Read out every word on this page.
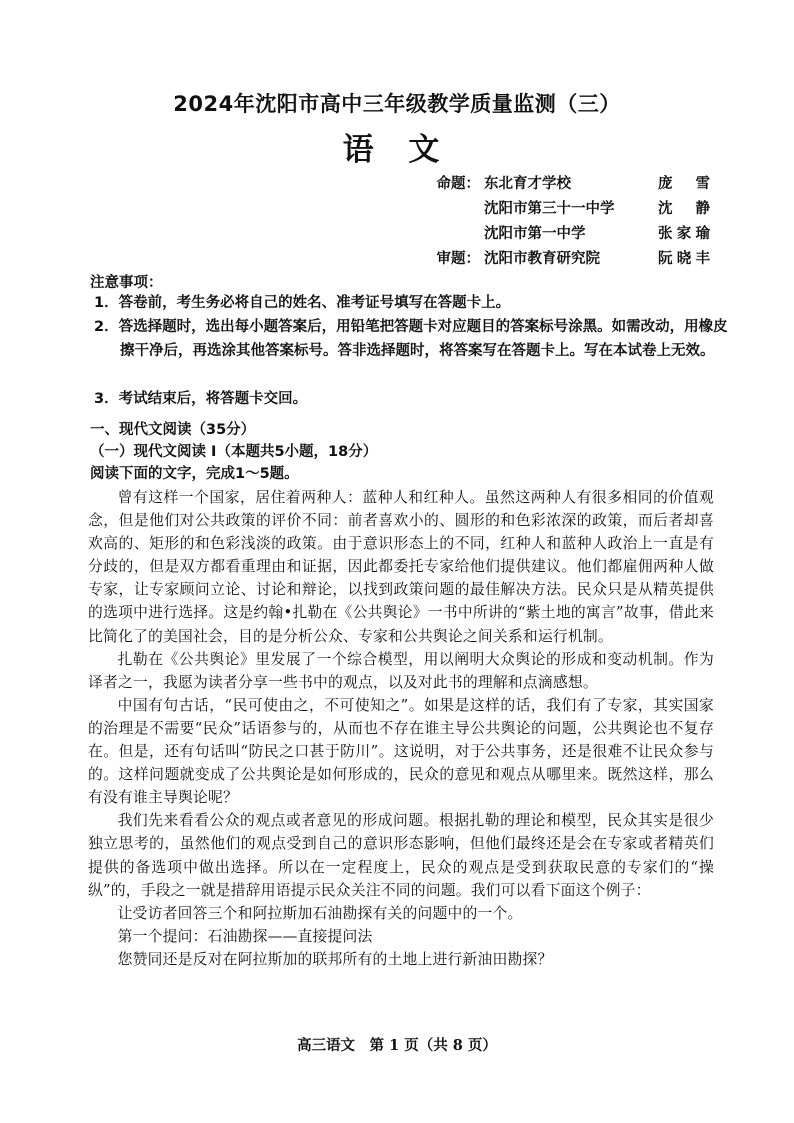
2024年沈阳市高中三年级教学质量监测（三）
语 文
命题： 东北育才学校	庞雪
沈阳市第三十一中学	沈静
沈阳市第一中学	张家瑜
审题： 沈阳市教育研究院	阮晓丰
注意事项：
1．答卷前，考生务必将自己的姓名、准考证号填写在答题卡上。
2．答选择题时，选出每小题答案后，用铅笔把答题卡对应题目的答案标号涂黑。如需改动，用橡皮擦干净后，再选涂其他答案标号。答非选择题时，将答案写在答题卡上。写在本试卷上无效。
3．考试结束后，将答题卡交回。
一、现代文阅读（35分）
（一）现代文阅读 I（本题共5小题，18分）
阅读下面的文字，完成1～5题。

曾有这样一个国家，居住着两种人：蓝种人和红种人。虽然这两种人有很多相同的价值观念，但是他们对公共政策的评价不同：前者喜欢小的、圆形的和色彩浓深的政策，而后者却喜欢高的、矩形的和色彩浅淡的政策。由于意识形态上的不同，红种人和蓝种人政治上一直是有分歧的，但是双方都看重理由和证据，因此都委托专家给他们提供建议。他们都雇佣两种人做专家，让专家顾问立论、讨论和辩论，以找到政策问题的最佳解决方法。民众只是从精英提供的选项中进行选择。这是约翰•扎勒在《公共舆论》一书中所讲的“紫土地的寓言”故事，借此来比简化了的美国社会，目的是分析公众、专家和公共舆论之间关系和运行机制。

扎勒在《公共舆论》里发展了一个综合模型，用以阐明大众舆论的形成和变动机制。作为译者之一，我愿为读者分享一些书中的观点，以及对此书的理解和点滴感想。

中国有句古话，“民可使由之，不可使知之”。如果是这样的话，我们有了专家，其实国家的治理是不需要“民众”话语参与的，从而也不存在谁主导公共舆论的问题，公共舆论也不复存在。但是，还有句话叫“防民之口甚于防川”。这说明，对于公共事务，还是很难不让民众参与的。这样问题就变成了公共舆论是如何形成的，民众的意见和观点从哪里来。既然这样，那么有没有谁主导舆论呢？

我们先来看看公众的观点或者意见的形成问题。根据扎勒的理论和模型，民众其实是很少独立思考的，虽然他们的观点受到自己的意识形态影响，但他们最终还是会在专家或者精英们提供的备选项中做出选择。所以在一定程度上，民众的观点是受到获取民意的专家们的“操纵”的，手段之一就是措辞用语提示民众关注不同的问题。我们可以看下面这个例子：

让受访者回答三个和阿拉斯加石油勘探有关的问题中的一个。

第一个提问：石油勘探——直接提问法

您赞同还是反对在阿拉斯加的联邦所有的土地上进行新油田勘探？

高三语文　第 1 页（共 8 页）
